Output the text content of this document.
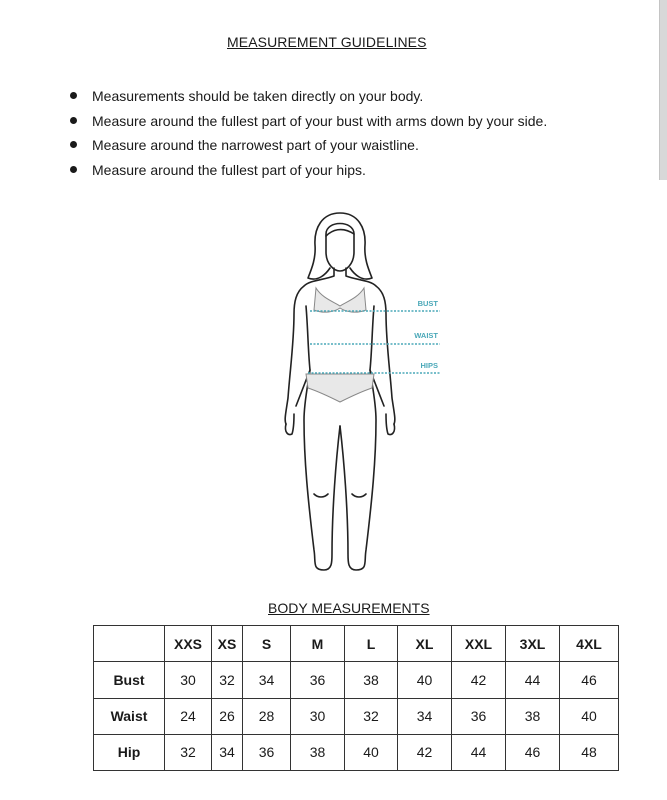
MEASUREMENT GUIDELINES
Measurements should be taken directly on your body.
Measure around the fullest part of your bust with arms down by your side.
Measure around the narrowest part of your waistline.
Measure around the fullest part of your hips.
BUST
WAIST
HIPS
BODY MEASUREMENTS
	XXS	XS	S	M	L	XL	XXL	3XL	4XL
Bust	30	32	34	36	38	40	42	44	46
Waist	24	26	28	30	32	34	36	38	40
Hip	32	34	36	38	40	42	44	46	48
